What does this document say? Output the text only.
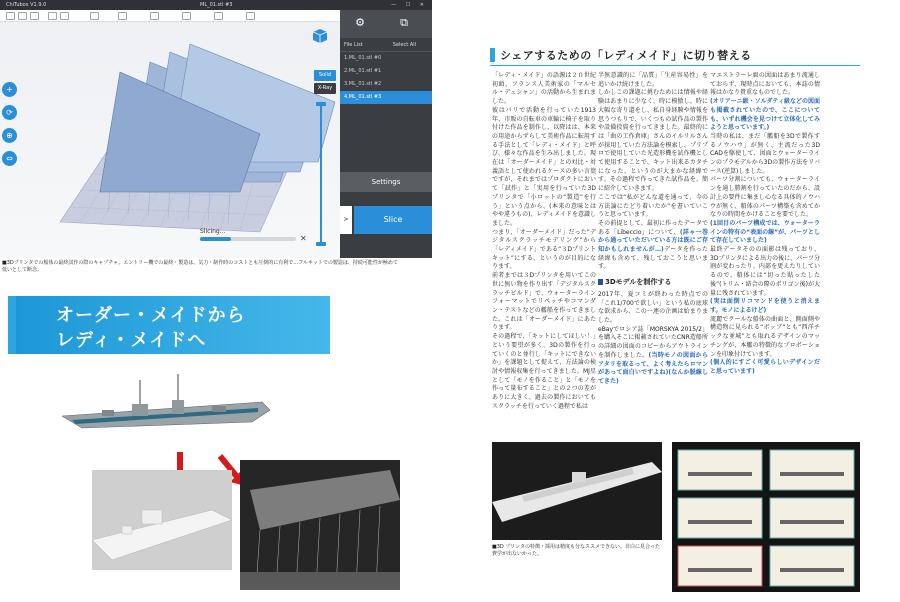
ChiTubox V1.9.0	ML_01.stl #3	— ☐ ✕
+
⟳
⊕
⇔
Solid
X-Ray
Slicing...
✕
⚙	⧉
File List	Select All
1.ML_01.stl #0
2.ML_01.stl #1
3.ML_01.stl #2
4.ML_01.stl #3
Settings
>	Slice
■3Dプリンタでの船体の最終試作の際のキャプチャ。エントリー機での最終・製造は、気力・制作時のコストとも圧倒的に有利で…フルキットでの製造は、持続可能性が極めて低いとして断念。
オーダー・メイドから
レディ・メイドへ
シェアするための「レディメイド」に切り替える

「レディ・メイド」の語源は２０世紀初頭、フランス人美術家の「マルセル・デュシャン」の活動から生まれました。

彼はパリで活動を行っていた1913年、市販の自転車の車輪に椅子を取り付けた作品を制作し、以降はは、本来の用途からずらして美術作品に転用する手法として「レディ・メイド」と呼び、様々な作品を生み出しました。現在は「オーダーメイド」との対比・対義語として使われるケースの多い言葉ですが、それまではプロダクトにおいて「試作」と「実用を行っていた3Dプリンタで「小ロットの“製造”を行う」という点から、(本来の意味とはやや違うもの)、レディメイドを意識しました。

つまり、「オーダーメイド」だった“デジタルスクラッチモデリング”から「レディメイド」である“３Dプリントキット”にする、というのが目的になります。

前者までは３Dプリンタを用いてこの世に無い物を作り出す「デジタルスクラッチビルド」で、ウォーターラインフォーマットでリペッチやコマンダン・テストなどの艦船を作ってきました。これは「オーダーメイド」にあたります。

その過程で、「キットにしてほしい！」という要望が多く、3Dの製作を行っていくのと並行し「キットにできないか」を課題として捉えて、方法論の検討や情報収集を行ってきました。MJ星として「モノを作ること」と「モノを作って量布すること」との２つの差がありに大きく、過去の製作においてもスクラッチを行っていく過程で私は

半無意識的に「品質」「生産容易性」を追いかけ続けました。

しかしこの課題に挑むためには情報や経験はあまりに少なく、時に模倣し、時に大幅な寄り道をし、私自身経験や情報を思うつもりで、いくつもの試作品の製作や設備投資を行ってきました。最終的には「曲の工作倉庫」さんのイルリルさんが採用していた方法論を模索し、プリプロで使用していた光造形機を試作機として使用することで、キット出来るカタチになった、というのが大まかな経緯です。その過程で作ってきた試作品を、簡に紹介していきます。

ここでは“私がどんな道を通って、今の方法論にたどり着いたか”を書いていこうと思っています。

その前提として、最初に作ったデータである「Libeccio」について、(詳ゃ一巻から通っていただいている方は既にご存知かもしれませんが…)データを作った経緯も含めて、残しておこうと思います。

3Dモデルを制作する

2017年、夏コミが終わった時点での「これ1/700で欲しい」という私の底球な欲求から、この一連の企画は始まりました。

eBayでロシア誌「MORSKYA 2015/2」を購入そこに掲載されていたCNR造船所の詳細の図面のコピーからアウトラインを制作しました。(当時モノの図面からアタリを取るって、よく考えたらロマンがあって面白いですよね)(なんか脱線してきた)

マエストラーレ級の図面はあまり流通しておらず、現時点においても、本誌の情報はかなり貴重なものでした。

(オリアーニ級・ソルダティ級などの図面も掲載されていたので、ここについても、いずれ機会を見つけて立体化してみようと思っています。)

当時の私は、まだ「艦船を3Dで製作するノウハウ」が無く、主流だった3D CADを駆使して、図面とウォーターラインのプラモデルから3Dの製作方法をリバース(逆算)しました。

パーツ分割についても、ウォーターラインを通し勝割を行っていたのだから、設計上の要件に集まし心なる具体的ノウハウが無く、船体のパーツ構築も含めてかなりの時間をかけることを要でした。

(1回目のパーツ構成では、ウォーターラインの特有の“表面の線”が、パーツとして存在していました)

最終データそのの面影は残っており、3Dプリンタによる出力の後に、パーツ分割が変わったり、内部を更えたりしているので、船体には“切った貼ったした後”(トリム・結合の際のポリゴン後)が大量に残されています。

(実は面倒リコマンドを使うと消えます。モノによるけど)

流麗でクールな船体の曲面と、側面側や構造物に見られる“ボッブ”とも“西洋チックな並城”とも取れるデザインのマッチングが、本艦の特徴的なプロポーションを印象付けています。

(個人的にすごく可愛らしいデザインだと思っています)

■3D プリンタの特徴・採用は精度も分なススメできない。非白に見合った費学が出ないかった。
